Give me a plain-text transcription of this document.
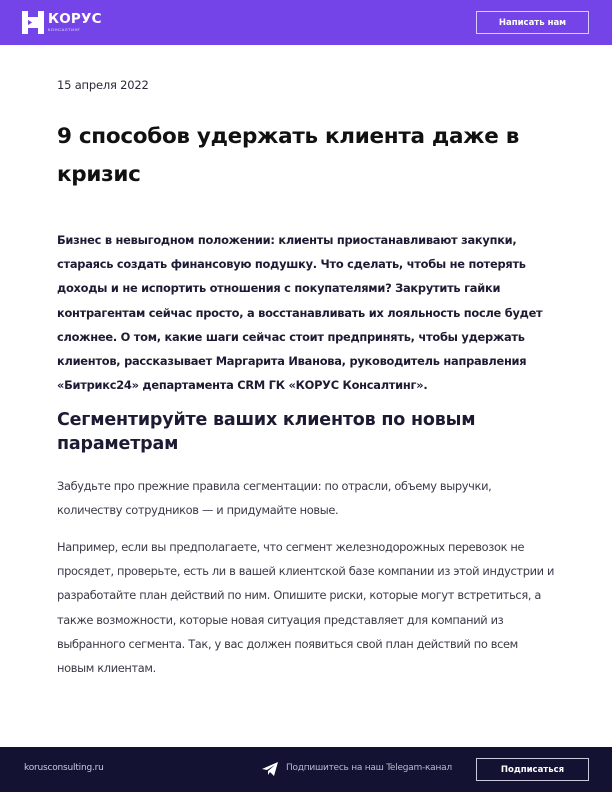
КОРУС
КОНСАЛТИНГ
Написать нам
15 апреля 2022
9 способов удержать клиента даже в кризис

Бизнес в невыгодном положении: клиенты приостанавливают закупки, стараясь создать финансовую подушку. Что сделать, чтобы не потерять доходы и не испортить отношения с покупателями? Закрутить гайки контрагентам сейчас просто, а восстанавливать их лояльность после будет сложнее. О том, какие шаги сейчас стоит предпринять, чтобы удержать клиентов, рассказывает Маргарита Иванова, руководитель направления «Битрикс24» департамента CRM ГК «КОРУС Консалтинг».

Сегментируйте ваших клиентов по новым параметрам

Забудьте про прежние правила сегментации: по отрасли, объему выручки, количеству сотрудников — и придумайте новые.

Например, если вы предполагаете, что сегмент железнодорожных перевозок не просядет, проверьте, есть ли в вашей клиентской базе компании из этой индустрии и разработайте план действий по ним. Опишите риски, которые могут встретиться, а также возможности, которые новая ситуация представляет для компаний из выбранного сегмента. Так, у вас должен появиться свой план действий по всем новым клиентам.

korusconsulting.ru	Подпишитесь на наш Telegam-канал	Подписаться
